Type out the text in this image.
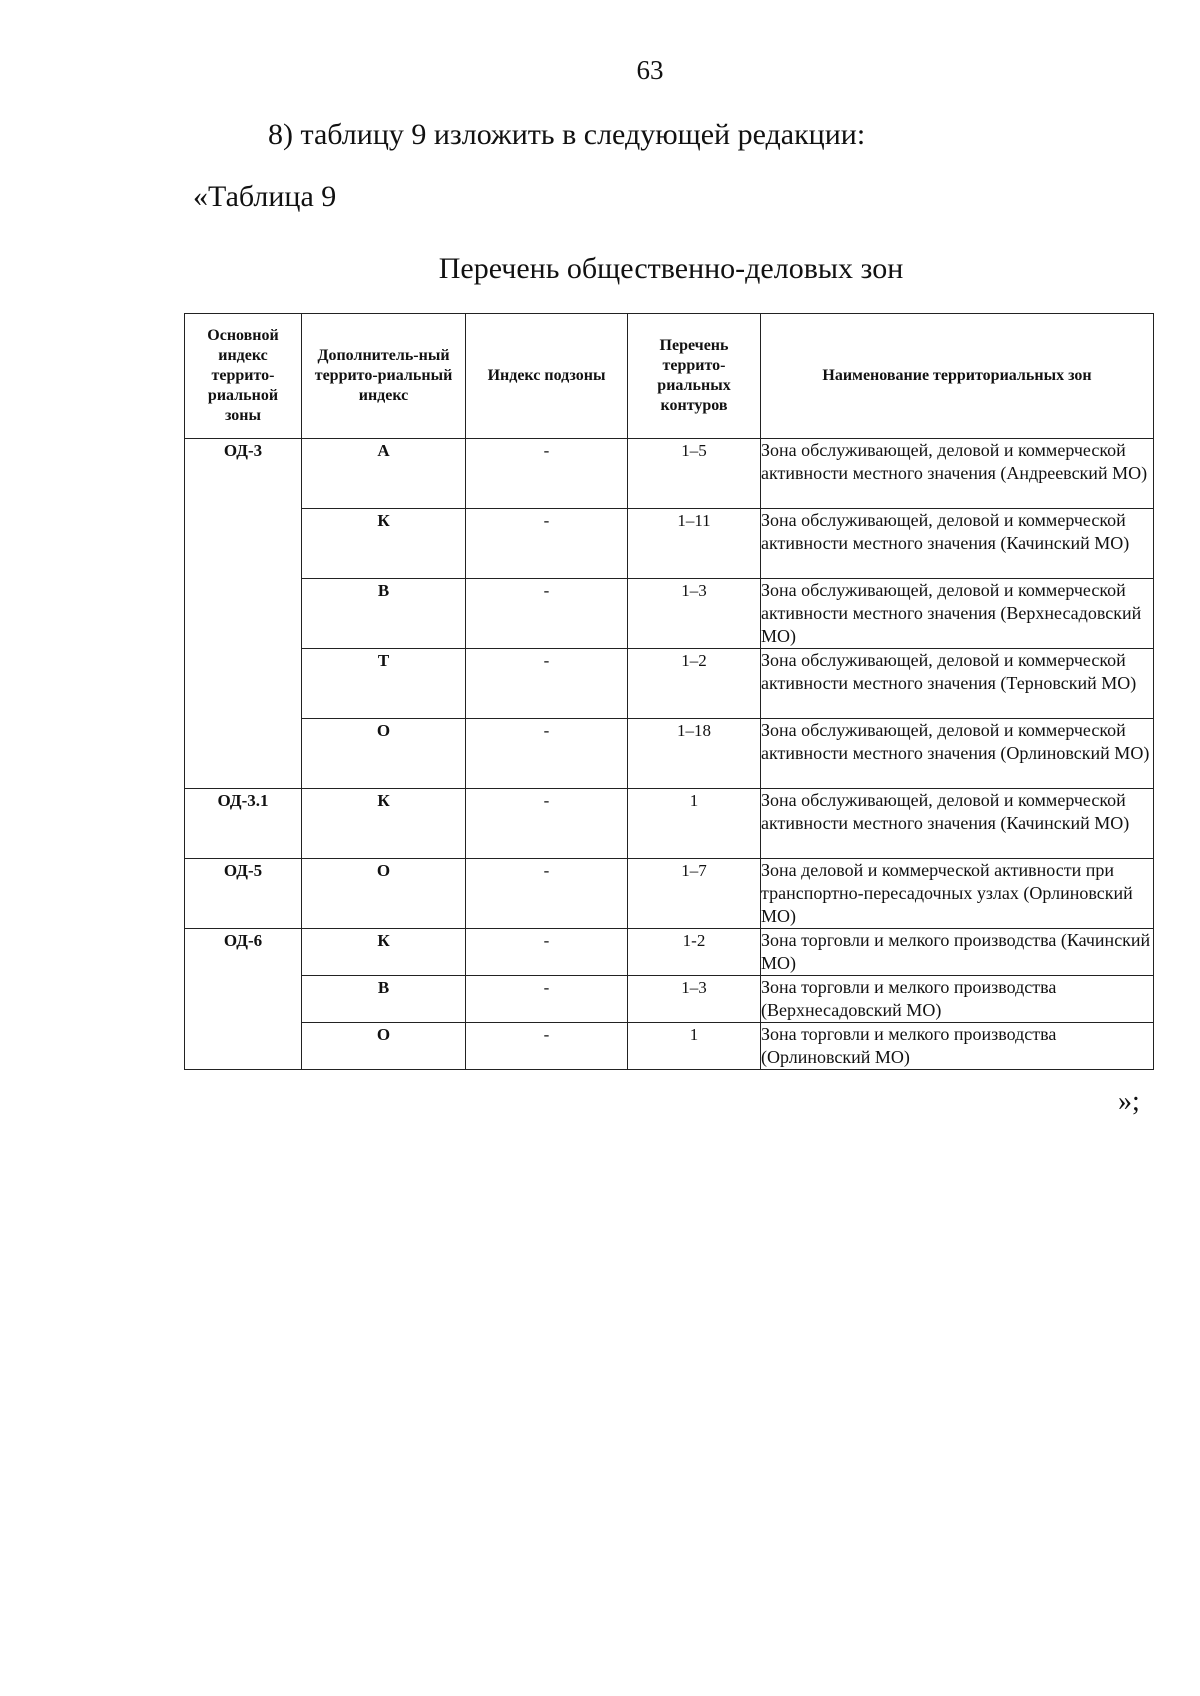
63
8) таблицу 9 изложить в следующей редакции:
«Таблица 9
Перечень общественно-деловых зон
Основной индекс террито-риальной зоны	Дополнитель-ный террито-риальный индекс	Индекс подзоны	Перечень террито-риальных контуров	Наименование территориальных зон
ОД-3	А	-	1–5	Зона обслуживающей, деловой и коммерческой активности местного значения (Андреевский МО)
	К	-	1–11	Зона обслуживающей, деловой и коммерческой активности местного значения (Качинский МО)
	В	-	1–3	Зона обслуживающей, деловой и коммерческой активности местного значения (Верхнесадовский МО)
	Т	-	1–2	Зона обслуживающей, деловой и коммерческой активности местного значения (Терновский МО)
	О	-	1–18	Зона обслуживающей, деловой и коммерческой активности местного значения (Орлиновский МО)
ОД-3.1	К	-	1	Зона обслуживающей, деловой и коммерческой активности местного значения (Качинский МО)
ОД-5	О	-	1–7	Зона деловой и коммерческой активности при транспортно-пересадочных узлах (Орлиновский МО)
ОД-6	К	-	1-2	Зона торговли и мелкого производства (Качинский МО)
	В	-	1–3	Зона торговли и мелкого производства (Верхнесадовский МО)
	О	-	1	Зона торговли и мелкого производства (Орлиновский МО)
»;
